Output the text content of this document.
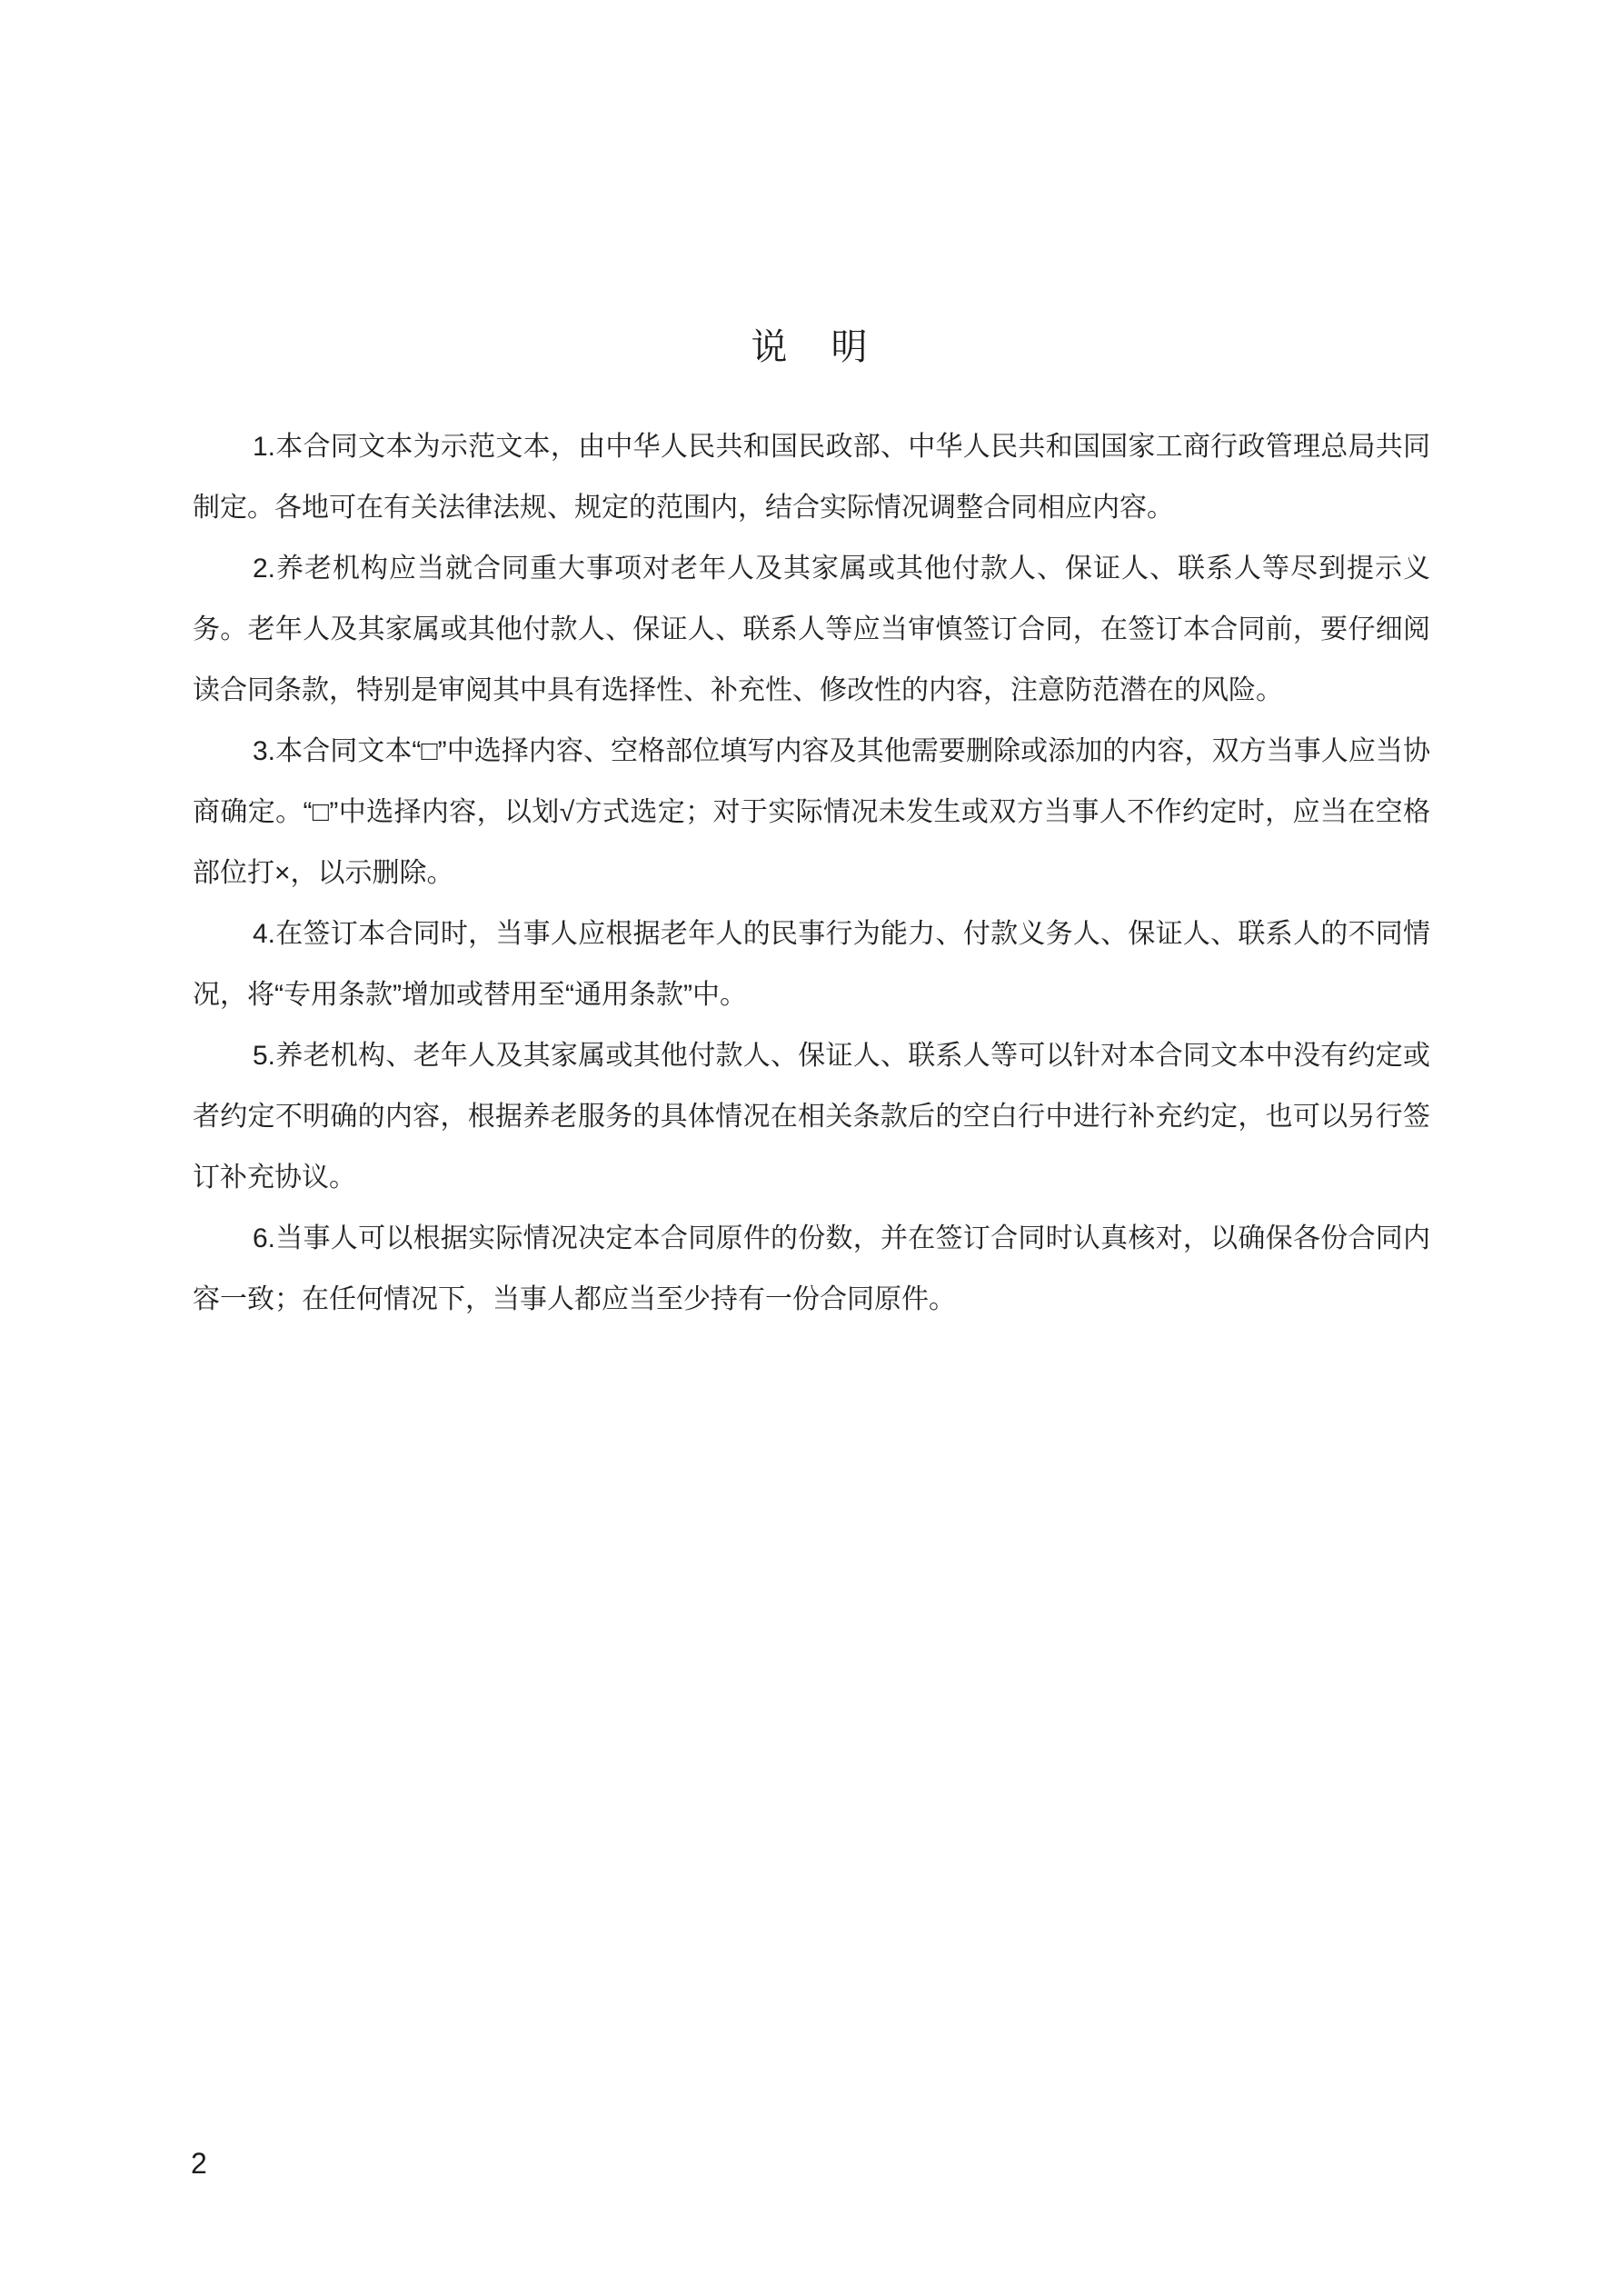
说　明

1.本合同文本为示范文本，由中华人民共和国民政部、中华人民共和国国家工商行政管理总局共同制定。各地可在有关法律法规、规定的范围内，结合实际情况调整合同相应内容。

2.养老机构应当就合同重大事项对老年人及其家属或其他付款人、保证人、联系人等尽到提示义务。老年人及其家属或其他付款人、保证人、联系人等应当审慎签订合同，在签订本合同前，要仔细阅读合同条款，特别是审阅其中具有选择性、补充性、修改性的内容，注意防范潜在的风险。

3.本合同文本“□”中选择内容、空格部位填写内容及其他需要删除或添加的内容，双方当事人应当协商确定。“□”中选择内容，以划√方式选定；对于实际情况未发生或双方当事人不作约定时，应当在空格部位打×，以示删除。

4.在签订本合同时，当事人应根据老年人的民事行为能力、付款义务人、保证人、联系人的不同情况，将“专用条款”增加或替用至“通用条款”中。

5.养老机构、老年人及其家属或其他付款人、保证人、联系人等可以针对本合同文本中没有约定或者约定不明确的内容，根据养老服务的具体情况在相关条款后的空白行中进行补充约定，也可以另行签订补充协议。

6.当事人可以根据实际情况决定本合同原件的份数，并在签订合同时认真核对，以确保各份合同内容一致；在任何情况下，当事人都应当至少持有一份合同原件。

2
